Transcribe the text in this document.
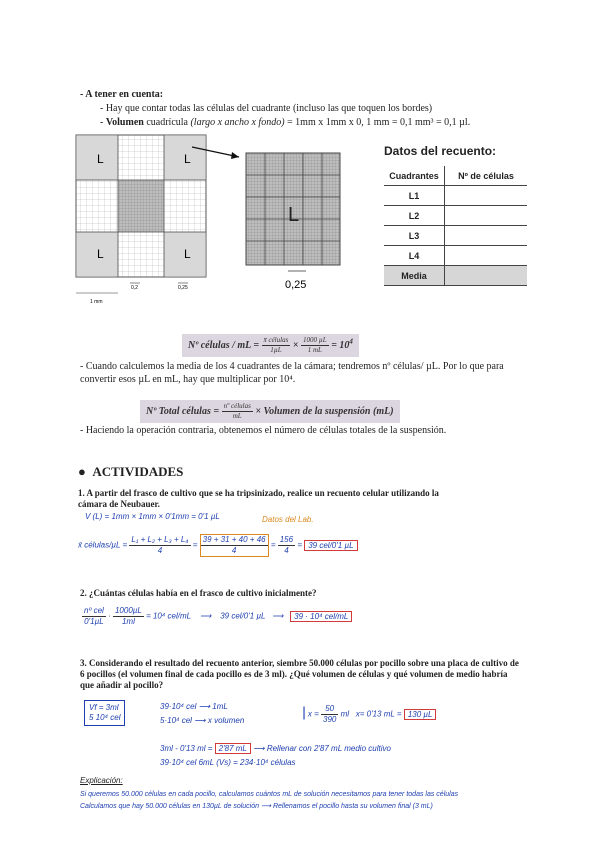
- A tener en cuenta:
- Hay que contar todas las células del cuadrante (incluso las que toquen los bordes)
- Volumen cuadrícula (largo x ancho x fondo) = 1mm x 1mm x 0, 1 mm = 0,1 mm³ = 0,1 µl.
L	L
L	L
1 mm
0,2	0,25
L
0,25
Datos del recuento:
Cuadrantes	Nº de células
L1	
L2	
L3	
L4	
Media	
Nº células / mL = $\frac{\text{x̄ células}}{\text{1µL}} \times \frac{\text{1000 µL}}{1 mL} = 10^4$
- Cuando calculemos la media de los 4 cuadrantes de la cámara; tendremos nº células/ µL. Por lo que para convertir esos µL en mL, hay que multiplicar por 10⁴.
Nº Total células = $\frac{\text{nº células}}{mL}$ × Volumen de la suspensión (mL)
- Haciendo la operación contraria, obtenemos el número de células totales de la suspensión.
● ACTIVIDADES
1. A partir del frasco de cultivo que se ha tripsinizado, realice un recuento celular utilizando la cámara de Neubauer.
V (L) = 1mm × 1mm × 0'1mm = 0'1 µL	Datos del Lab.
x̄ células/µL = $\frac{\text{L₁ + L₂ + L₃ + L₄}}{4} = \frac{39 + 31 + 40 + 46}{4} = \frac{156}{4} = 39$ cel/0'1 µL
2. ¿Cuántas células había en el frasco de cultivo inicialmente?
$\frac{\text{nº cel}}{\text{0'1µL}} \cdot \frac{\text{1000µL}}{1ml} = 10^4$ cel/mL ⟶ 39 cel/0'1 µL ⟶ 39 · 10⁴ cel/mL
3. Considerando el resultado del recuento anterior, siembre 50.000 células por pocillo sobre una placa de cultivo de 6 pocillos (el volumen final de cada pocillo es de 3 ml). ¿Qué volumen de células y qué volumen de medio habría que añadir al pocillo?
Vf = 3ml
5 10⁴ cel
39·10⁴ cel ⟶ 1mL
5·10⁴ cel ⟶ x volumen
| $x = \frac{50}{390}$ ml x= 0'13 mL = 130 µL
3ml - 0'13 ml = 2'87 mL ⟶ Rellenar con 2'87 mL medio cultivo
39·10⁴ cel 6mL (Vs) = 234·10⁴ células
Explicación:
Si queremos 50.000 células en cada pocillo, calculamos cuántos mL de solución necesitamos para tener todas las células
Calculamos que hay 50.000 células en 130µL de solución ⟶ Rellenamos el pocillo hasta su volumen final (3 mL)
